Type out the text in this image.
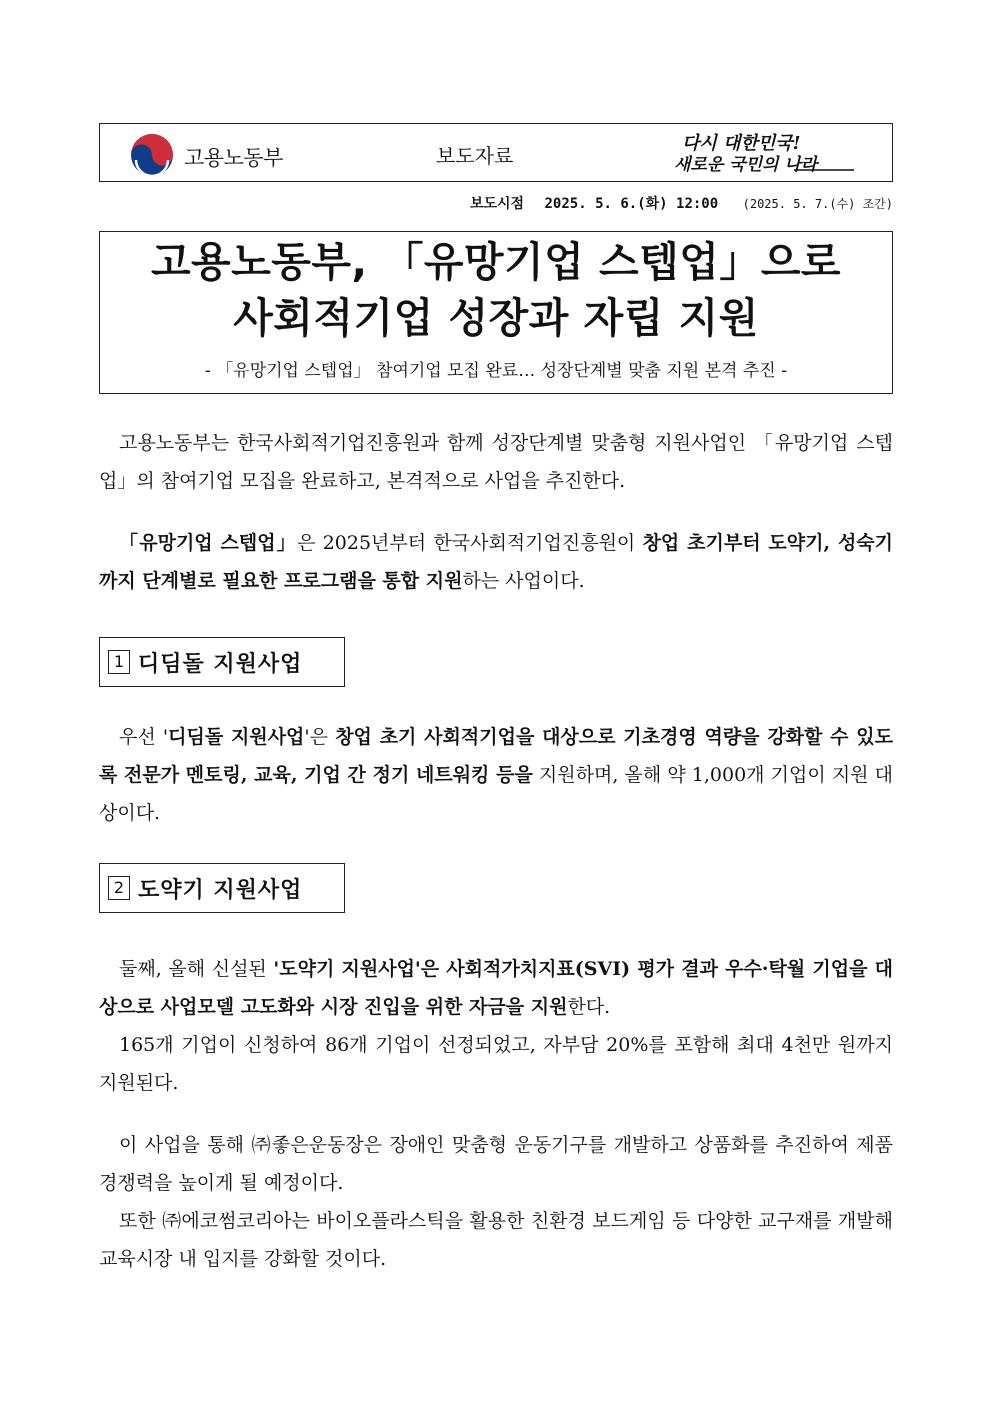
고용노동부	보도자료
다시 대한민국!
새로운 국민의 나라
보도시점 2025. 5. 6.(화) 12:00 (2025. 5. 7.(수) 조간)
고용노동부, 「유망기업 스텝업」으로
사회적기업 성장과 자립 지원
- 「유망기업 스텝업」 참여기업 모집 완료… 성장단계별 맞춤 지원 본격 추진 -
고용노동부는 한국사회적기업진흥원과 함께 성장단계별 맞춤형 지원사업인 「유망기업 스텝업」의 참여기업 모집을 완료하고, 본격적으로 사업을 추진한다.
「유망기업 스텝업」은 2025년부터 한국사회적기업진흥원이 창업 초기부터 도약기, 성숙기까지 단계별로 필요한 프로그램을 통합 지원하는 사업이다.
1 디딤돌 지원사업
우선 '디딤돌 지원사업'은 창업 초기 사회적기업을 대상으로 기초경영 역량을 강화할 수 있도록 전문가 멘토링, 교육, 기업 간 정기 네트워킹 등을 지원하며, 올해 약 1,000개 기업이 지원 대상이다.
2 도약기 지원사업
둘째, 올해 신설된 '도약기 지원사업'은 사회적가치지표(SVI) 평가 결과 우수·탁월 기업을 대상으로 사업모델 고도화와 시장 진입을 위한 자금을 지원한다.
165개 기업이 신청하여 86개 기업이 선정되었고, 자부담 20%를 포함해 최대 4천만 원까지 지원된다.
이 사업을 통해 ㈜좋은운동장은 장애인 맞춤형 운동기구를 개발하고 상품화를 추진하여 제품 경쟁력을 높이게 될 예정이다.
또한 ㈜에코썸코리아는 바이오플라스틱을 활용한 친환경 보드게임 등 다양한 교구재를 개발해 교육시장 내 입지를 강화할 것이다.
